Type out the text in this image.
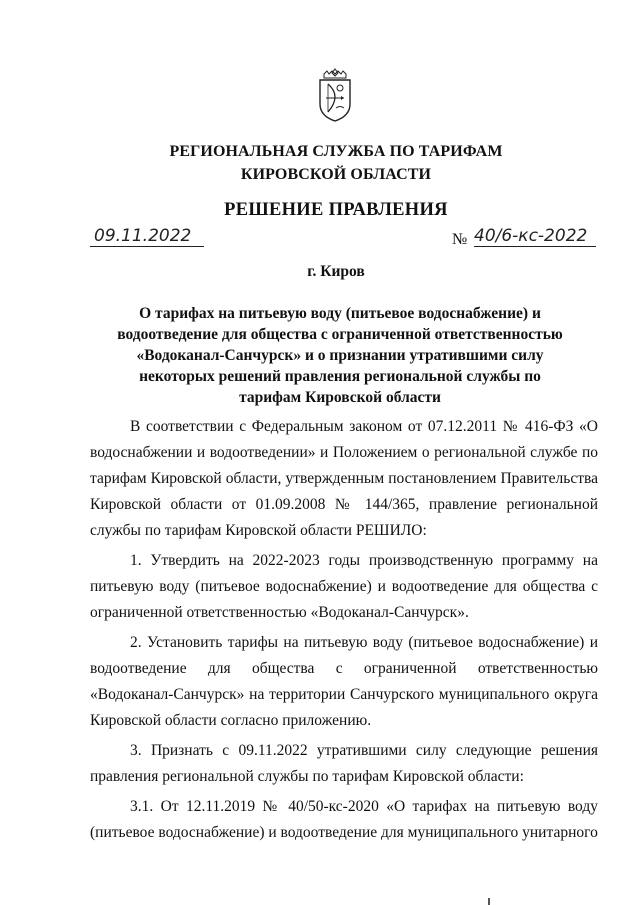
РЕГИОНАЛЬНАЯ СЛУЖБА ПО ТАРИФАМ
КИРОВСКОЙ ОБЛАСТИ
РЕШЕНИЕ ПРАВЛЕНИЯ
09.11.2022	№ 40/6-кс-2022
г. Киров
О тарифах на питьевую воду (питьевое водоснабжение) и водоотведение для общества с ограниченной ответственностью «Водоканал-Санчурск» и о признании утратившими силу некоторых решений правления региональной службы по тарифам Кировской области

В соответствии с Федеральным законом от 07.12.2011 № 416-ФЗ «О водоснабжении и водоотведении» и Положением о региональной службе по тарифам Кировской области, утвержденным постановлением Правительства Кировской области от 01.09.2008 № 144/365, правление региональной службы по тарифам Кировской области РЕШИЛО:

1. Утвердить на 2022-2023 годы производственную программу на питьевую воду (питьевое водоснабжение) и водоотведение для общества с ограниченной ответственностью «Водоканал-Санчурск».

2. Установить тарифы на питьевую воду (питьевое водоснабжение) и водоотведение для общества с ограниченной ответственностью «Водоканал-Санчурск» на территории Санчурского муниципального округа Кировской области согласно приложению.

3. Признать с 09.11.2022 утратившими силу следующие решения правления региональной службы по тарифам Кировской области:

3.1. От 12.11.2019 № 40/50-кс-2020 «О тарифах на питьевую воду (питьевое водоснабжение) и водоотведение для муниципального унитарного
